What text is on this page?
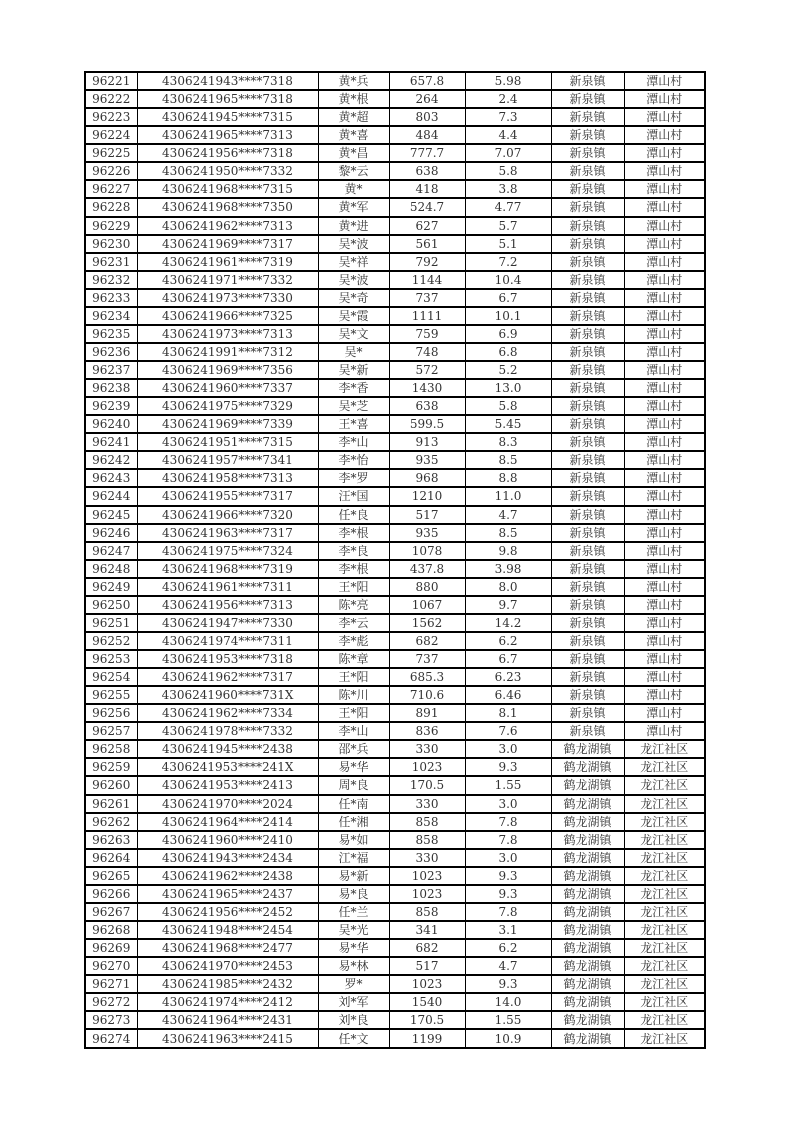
96221	4306241943****7318	黄*兵	657.8	5.98	新泉镇	潭山村
96222	4306241965****7318	黄*根	264	2.4	新泉镇	潭山村
96223	4306241945****7315	黄*超	803	7.3	新泉镇	潭山村
96224	4306241965****7313	黄*喜	484	4.4	新泉镇	潭山村
96225	4306241956****7318	黄*昌	777.7	7.07	新泉镇	潭山村
96226	4306241950****7332	黎*云	638	5.8	新泉镇	潭山村
96227	4306241968****7315	黄*	418	3.8	新泉镇	潭山村
96228	4306241968****7350	黄*军	524.7	4.77	新泉镇	潭山村
96229	4306241962****7313	黄*进	627	5.7	新泉镇	潭山村
96230	4306241969****7317	吴*波	561	5.1	新泉镇	潭山村
96231	4306241961****7319	吴*祥	792	7.2	新泉镇	潭山村
96232	4306241971****7332	吴*波	1144	10.4	新泉镇	潭山村
96233	4306241973****7330	吴*奇	737	6.7	新泉镇	潭山村
96234	4306241966****7325	吴*霞	1111	10.1	新泉镇	潭山村
96235	4306241973****7313	吴*文	759	6.9	新泉镇	潭山村
96236	4306241991****7312	吴*	748	6.8	新泉镇	潭山村
96237	4306241969****7356	吴*新	572	5.2	新泉镇	潭山村
96238	4306241960****7337	李*香	1430	13.0	新泉镇	潭山村
96239	4306241975****7329	吴*芝	638	5.8	新泉镇	潭山村
96240	4306241969****7339	王*喜	599.5	5.45	新泉镇	潭山村
96241	4306241951****7315	李*山	913	8.3	新泉镇	潭山村
96242	4306241957****7341	李*怡	935	8.5	新泉镇	潭山村
96243	4306241958****7313	李*罗	968	8.8	新泉镇	潭山村
96244	4306241955****7317	汪*国	1210	11.0	新泉镇	潭山村
96245	4306241966****7320	任*良	517	4.7	新泉镇	潭山村
96246	4306241963****7317	李*根	935	8.5	新泉镇	潭山村
96247	4306241975****7324	李*良	1078	9.8	新泉镇	潭山村
96248	4306241968****7319	李*根	437.8	3.98	新泉镇	潭山村
96249	4306241961****7311	王*阳	880	8.0	新泉镇	潭山村
96250	4306241956****7313	陈*亮	1067	9.7	新泉镇	潭山村
96251	4306241947****7330	李*云	1562	14.2	新泉镇	潭山村
96252	4306241974****7311	李*彪	682	6.2	新泉镇	潭山村
96253	4306241953****7318	陈*章	737	6.7	新泉镇	潭山村
96254	4306241962****7317	王*阳	685.3	6.23	新泉镇	潭山村
96255	4306241960****731X	陈*川	710.6	6.46	新泉镇	潭山村
96256	4306241962****7334	王*阳	891	8.1	新泉镇	潭山村
96257	4306241978****7332	李*山	836	7.6	新泉镇	潭山村
96258	4306241945****2438	邵*兵	330	3.0	鹤龙湖镇	龙江社区
96259	4306241953****241X	易*华	1023	9.3	鹤龙湖镇	龙江社区
96260	4306241953****2413	周*良	170.5	1.55	鹤龙湖镇	龙江社区
96261	4306241970****2024	任*南	330	3.0	鹤龙湖镇	龙江社区
96262	4306241964****2414	任*湘	858	7.8	鹤龙湖镇	龙江社区
96263	4306241960****2410	易*如	858	7.8	鹤龙湖镇	龙江社区
96264	4306241943****2434	江*福	330	3.0	鹤龙湖镇	龙江社区
96265	4306241962****2438	易*新	1023	9.3	鹤龙湖镇	龙江社区
96266	4306241965****2437	易*良	1023	9.3	鹤龙湖镇	龙江社区
96267	4306241956****2452	任*兰	858	7.8	鹤龙湖镇	龙江社区
96268	4306241948****2454	吴*光	341	3.1	鹤龙湖镇	龙江社区
96269	4306241968****2477	易*华	682	6.2	鹤龙湖镇	龙江社区
96270	4306241970****2453	易*林	517	4.7	鹤龙湖镇	龙江社区
96271	4306241985****2432	罗*	1023	9.3	鹤龙湖镇	龙江社区
96272	4306241974****2412	刘*军	1540	14.0	鹤龙湖镇	龙江社区
96273	4306241964****2431	刘*良	170.5	1.55	鹤龙湖镇	龙江社区
96274	4306241963****2415	任*文	1199	10.9	鹤龙湖镇	龙江社区
